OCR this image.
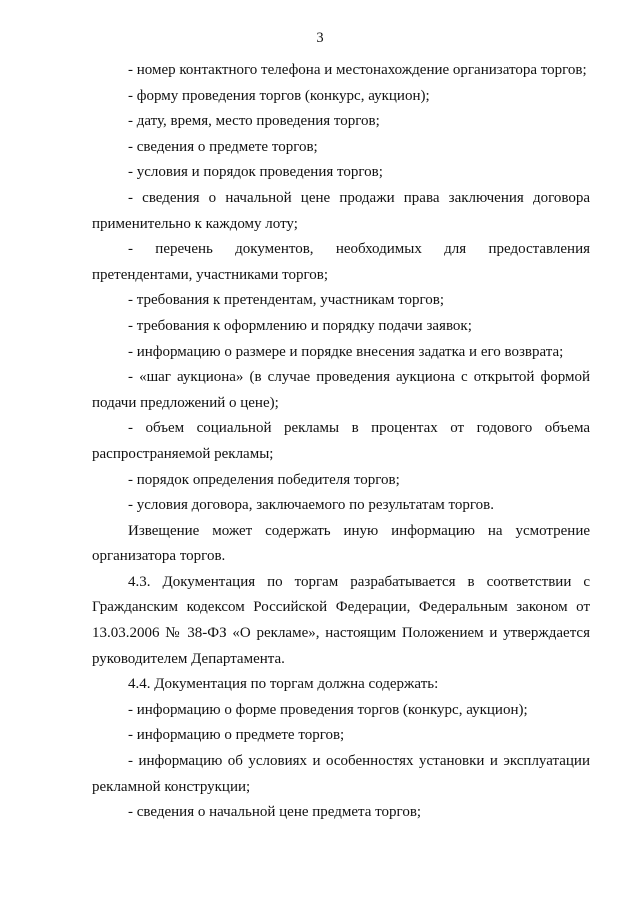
3

- номер контактного телефона и местонахождение организатора торгов;

- форму проведения торгов (конкурс, аукцион);

- дату, время, место проведения торгов;

- сведения о предмете торгов;

- условия и порядок проведения торгов;

- сведения о начальной цене продажи права заключения договора применительно к каждому лоту;

- перечень документов, необходимых для предоставления претендентами, участниками торгов;

- требования к претендентам, участникам торгов;

- требования к оформлению и порядку подачи заявок;

- информацию о размере и порядке внесения задатка и его возврата;

- «шаг аукциона» (в случае проведения аукциона с открытой формой подачи предложений о цене);

- объем социальной рекламы в процентах от годового объема распространяемой рекламы;

- порядок определения победителя торгов;

- условия договора, заключаемого по результатам торгов.

Извещение может содержать иную информацию на усмотрение организатора торгов.

4.3. Документация по торгам разрабатывается в соответствии с Гражданским кодексом Российской Федерации, Федеральным законом от 13.03.2006 № 38-ФЗ «О рекламе», настоящим Положением и утверждается руководителем Департамента.

4.4. Документация по торгам должна содержать:

- информацию о форме проведения торгов (конкурс, аукцион);

- информацию о предмете торгов;

- информацию об условиях и особенностях установки и эксплуатации рекламной конструкции;

- сведения о начальной цене предмета торгов;
